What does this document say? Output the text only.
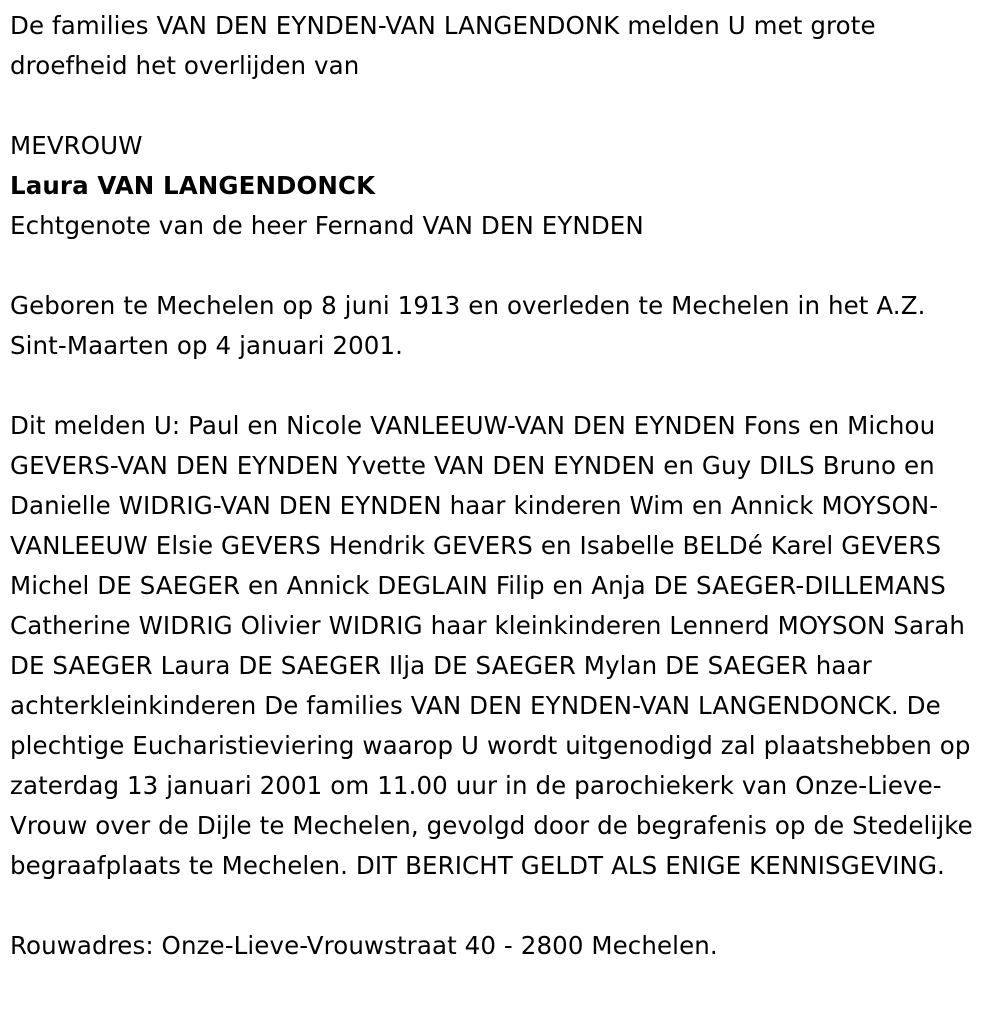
De families VAN DEN EYNDEN-VAN LANGENDONK melden U met grote droefheid het overlijden van

MEVROUW

Laura VAN LANGENDONCK

Echtgenote van de heer Fernand VAN DEN EYNDEN

Geboren te Mechelen op 8 juni 1913 en overleden te Mechelen in het A.Z. Sint-Maarten op 4 januari 2001.

Dit melden U: Paul en Nicole VANLEEUW-VAN DEN EYNDEN Fons en Michou GEVERS-VAN DEN EYNDEN Yvette VAN DEN EYNDEN en Guy DILS Bruno en Danielle WIDRIG-VAN DEN EYNDEN haar kinderen Wim en Annick MOYSON-VANLEEUW Elsie GEVERS Hendrik GEVERS en Isabelle BELDé Karel GEVERS Michel DE SAEGER en Annick DEGLAIN Filip en Anja DE SAEGER-DILLEMANS Catherine WIDRIG Olivier WIDRIG haar kleinkinderen Lennerd MOYSON Sarah DE SAEGER Laura DE SAEGER Ilja DE SAEGER Mylan DE SAEGER haar achterkleinkinderen De families VAN DEN EYNDEN-VAN LANGENDONCK. De plechtige Eucharistieviering waarop U wordt uitgenodigd zal plaatshebben op zaterdag 13 januari 2001 om 11.00 uur in de parochiekerk van Onze-Lieve-Vrouw over de Dijle te Mechelen, gevolgd door de begrafenis op de Stedelijke begraafplaats te Mechelen. DIT BERICHT GELDT ALS ENIGE KENNISGEVING.

Rouwadres: Onze-Lieve-Vrouwstraat 40 - 2800 Mechelen.
